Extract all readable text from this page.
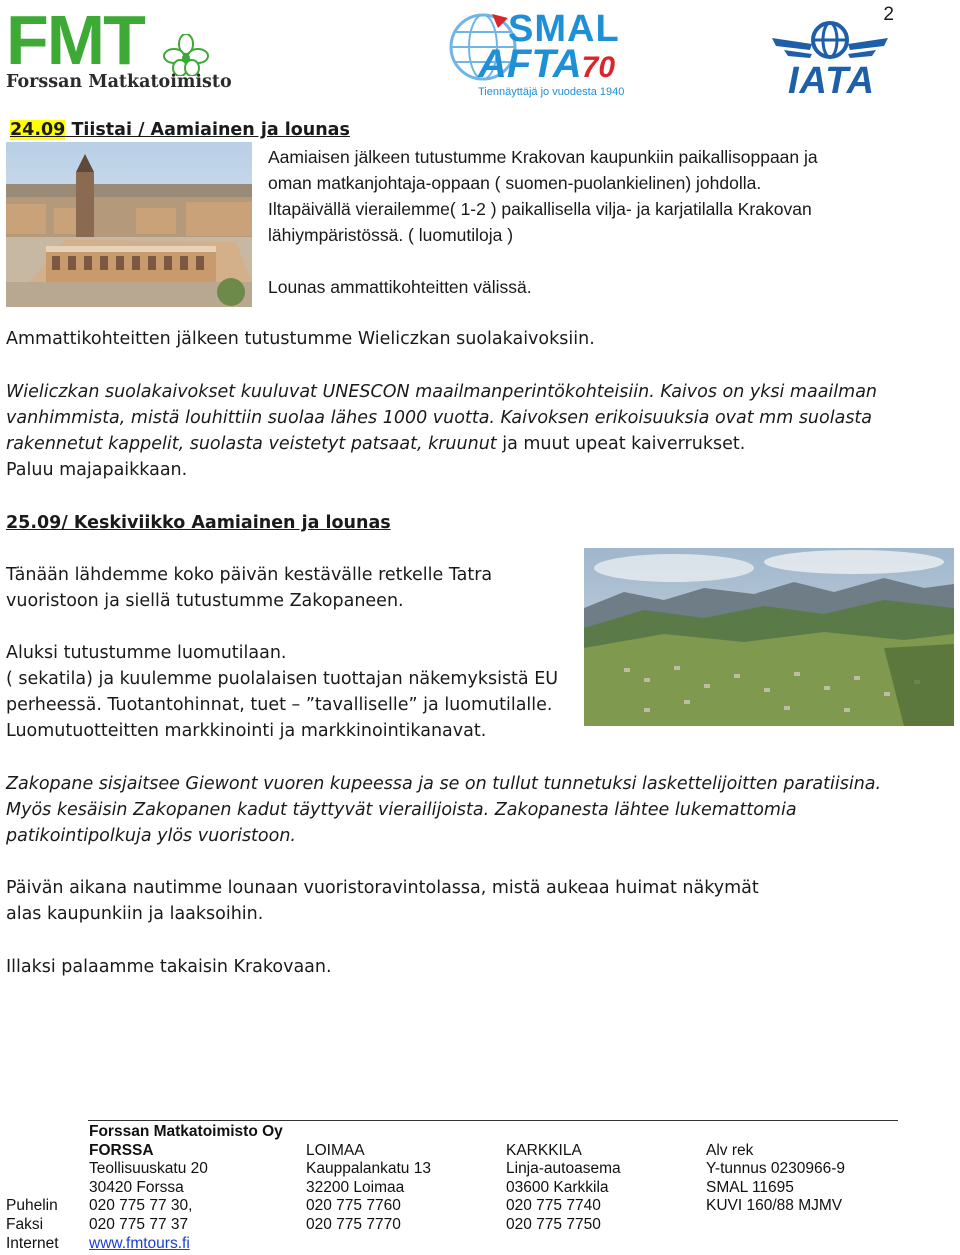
2
FMT
Forssan Matkatoimisto
SMAL
AFTA70
Tiennäyttäjä jo vuodesta 1940	IATA
24.09 Tiistai / Aamiainen ja lounas
Aamiaisen jälkeen tutustumme Krakovan kaupunkiin paikallisoppaan ja
oman matkanjohtaja-oppaan ( suomen-puolankielinen) johdolla.
Iltapäivällä vierailemme( 1-2 ) paikallisella vilja- ja karjatilalla Krakovan
lähiympäristössä. ( luomutiloja )
Lounas ammattikohteitten välissä.
Ammattikohteitten jälkeen tutustumme Wieliczkan suolakaivoksiin.
Wieliczkan suolakaivokset kuuluvat UNESCON maailmanperintökohteisiin. Kaivos on yksi maailman
vanhimmista, mistä louhittiin suolaa lähes 1000 vuotta. Kaivoksen erikoisuuksia ovat mm suolasta
rakennetut kappelit, suolasta veistetyt patsaat, kruunut ja muut upeat kaiverrukset.
Paluu majapaikkaan.
25.09/ Keskiviikko Aamiainen ja lounas
Tänään lähdemme koko päivän kestävälle retkelle Tatra
vuoristoon ja siellä tutustumme Zakopaneen.
Aluksi tutustumme luomutilaan.
( sekatila) ja kuulemme puolalaisen tuottajan näkemyksistä EU
perheessä. Tuotantohinnat, tuet – ”tavalliselle” ja luomutilalle.
Luomutuotteitten markkinointi ja markkinointikanavat.
Zakopane sisjaitsee Giewont vuoren kupeessa ja se on tullut tunnetuksi laskettelijoitten paratiisina.
Myös kesäisin Zakopanen kadut täyttyvät vierailijoista. Zakopanesta lähtee lukemattomia
patikointipolkuja ylös vuoristoon.
Päivän aikana nautimme lounaan vuoristoravintolassa, mistä aukeaa huimat näkymät
alas kaupunkiin ja laaksoihin.
Illaksi palaamme takaisin Krakovaan.
Forssan Matkatoimisto Oy
Puhelin
Faksi
Internet
FORSSA
Teollisuuskatu 20
30420 Forssa
020 775 77 30,
020 775 77 37
www.fmtours.fi
LOIMAA
Kauppalankatu 13
32200 Loimaa
020 775 7760
020 775 7770
KARKKILA
Linja-autoasema
03600 Karkkila
020 775 7740
020 775 7750
Alv rek
Y-tunnus 0230966-9
SMAL 11695
KUVI 160/88 MJMV
